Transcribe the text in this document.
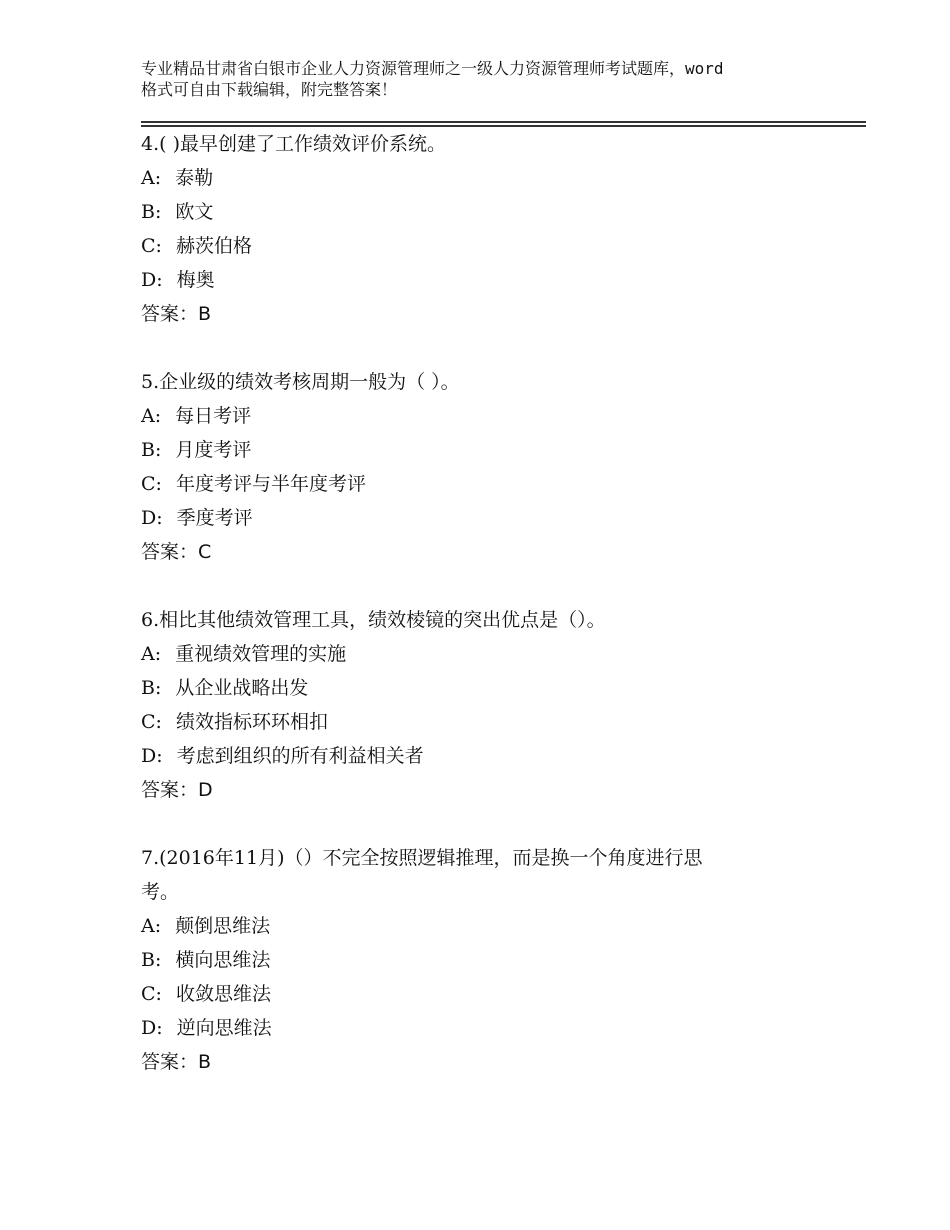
专业精品甘肃省白银市企业人力资源管理师之一级人力资源管理师考试题库，word
格式可自由下载编辑，附完整答案！
4.( )最早创建了工作绩效评价系统。
A: 泰勒
B: 欧文
C: 赫茨伯格
D: 梅奥
答案：B
5.企业级的绩效考核周期一般为（ ）。
A: 每日考评
B: 月度考评
C: 年度考评与半年度考评
D: 季度考评
答案：C
6.相比其他绩效管理工具，绩效棱镜的突出优点是（）。
A: 重视绩效管理的实施
B: 从企业战略出发
C: 绩效指标环环相扣
D: 考虑到组织的所有利益相关者
答案：D
7.(2016年11月)（）不完全按照逻辑推理，而是换一个角度进行思
考。
A: 颠倒思维法
B: 横向思维法
C: 收敛思维法
D: 逆向思维法
答案：B
